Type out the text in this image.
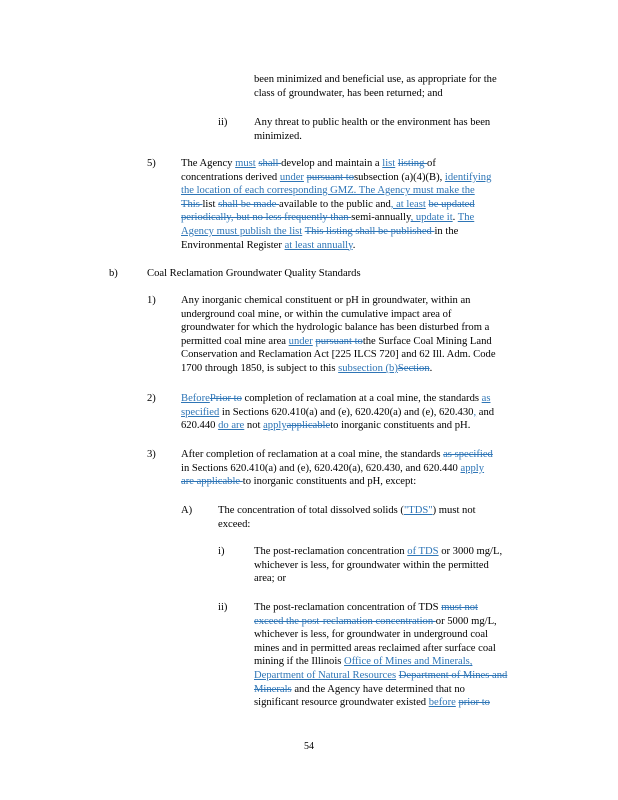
been minimized and beneficial use, as appropriate for the
class of groundwater, has been returned; and
ii)	Any threat to public health or the environment has been
minimized.
5) The Agency must shall develop and maintain a list listing of
concentrations derived under pursuant tosubsection (a)(4)(B), identifying
the location of each corresponding GMZ. The Agency must make the
This list shall be made available to the public and, at least be updated
periodically, but no less frequently than semi-annually, update it. The
Agency must publish the list This listing shall be published in the
Environmental Register at least annually.
b)	Coal Reclamation Groundwater Quality Standards
1) Any inorganic chemical constituent or pH in groundwater, within an
underground coal mine, or within the cumulative impact area of
groundwater for which the hydrologic balance has been disturbed from a
permitted coal mine area under pursuant tothe Surface Coal Mining Land
Conservation and Reclamation Act [225 ILCS 720] and 62 Ill. Adm. Code
1700 through 1850, is subject to this subsection (b)Section.
2) BeforePrior to completion of reclamation at a coal mine, the standards as
specified in Sections 620.410(a) and (e), 620.420(a) and (e), 620.430, and
620.440 do are not applyapplicableto inorganic constituents and pH.
3) After completion of reclamation at a coal mine, the standards as specified
in Sections 620.410(a) and (e), 620.420(a), 620.430, and 620.440 apply
are applicable to inorganic constituents and pH, except:
A) The concentration of total dissolved solids ("TDS") must not
exceed:
i)	The post-reclamation concentration of TDS or 3000 mg/L,
whichever is less, for groundwater within the permitted
area; or
ii)	The post-reclamation concentration of TDS must not
exceed the post-reclamation concentration or 5000 mg/L,
whichever is less, for groundwater in underground coal
mines and in permitted areas reclaimed after surface coal
mining if the Illinois Office of Mines and Minerals,
Department of Natural Resources Department of Mines and
Minerals and the Agency have determined that no
significant resource groundwater existed before prior to
54
